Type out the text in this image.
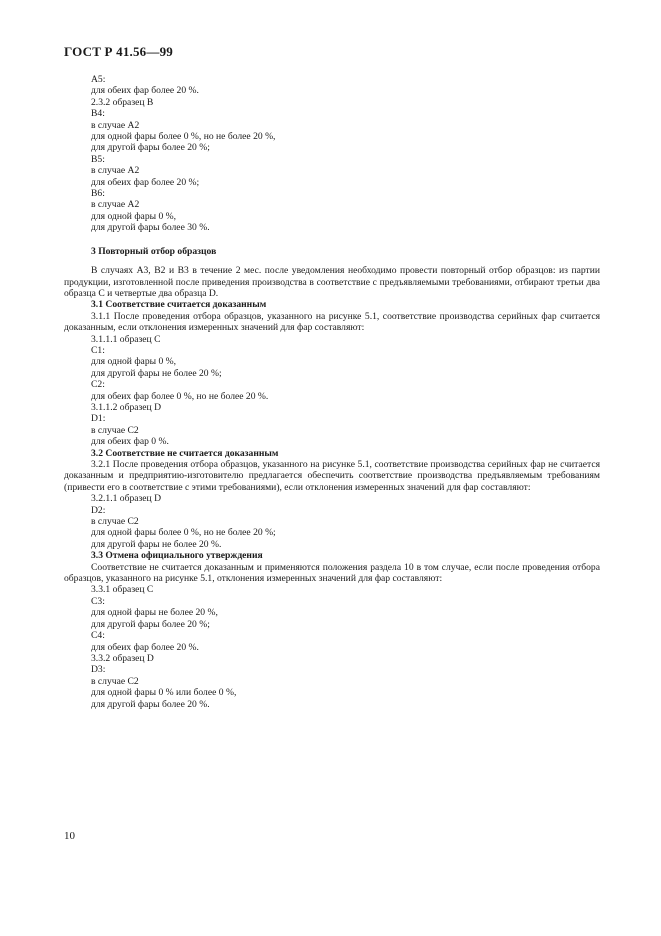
ГОСТ Р 41.56—99

А5:

для обеих фар более 20 %.

2.3.2 образец В

В4:

в случае А2

для одной фары более 0 %, но не более 20 %,

для другой фары более 20 %;

В5:

в случае А2

для обеих фар более 20 %;

В6:

в случае А2

для одной фары 0 %,

для другой фары более 30 %.

3 Повторный отбор образцов

В случаях А3, В2 и В3 в течение 2 мес. после уведомления необходимо провести повторный отбор образцов: из партии продукции, изготовленной после приведения производства в соответствие с предъявляемыми требованиями, отбирают третьи два образца С и четвертые два образца D.

3.1 Соответствие считается доказанным

3.1.1 После проведения отбора образцов, указанного на рисунке 5.1, соответствие производства серийных фар считается доказанным, если отклонения измеренных значений для фар составляют:

3.1.1.1 образец С

С1:

для одной фары 0 %,

для другой фары не более 20 %;

С2:

для обеих фар более 0 %, но не более 20 %.

3.1.1.2 образец D

D1:

в случае С2

для обеих фар 0 %.

3.2 Соответствие не считается доказанным

3.2.1 После проведения отбора образцов, указанного на рисунке 5.1, соответствие производства серийных фар не считается доказанным и предприятию-изготовителю предлагается обеспечить соответствие производства предъявляемым требованиям (привести его в соответствие с этими требованиями), если отклонения измеренных значений для фар составляют:

3.2.1.1 образец D

D2:

в случае С2

для одной фары более 0 %, но не более 20 %;

для другой фары не более 20 %.

3.3 Отмена официального утверждения

Соответствие не считается доказанным и применяются положения раздела 10 в том случае, если после проведения отбора образцов, указанного на рисунке 5.1, отклонения измеренных значений для фар составляют:

3.3.1 образец С

С3:

для одной фары не более 20 %,

для другой фары более 20 %;

С4:

для обеих фар более 20 %.

3.3.2 образец D

D3:

в случае С2

для одной фары 0 % или более 0 %,

для другой фары более 20 %.

10
